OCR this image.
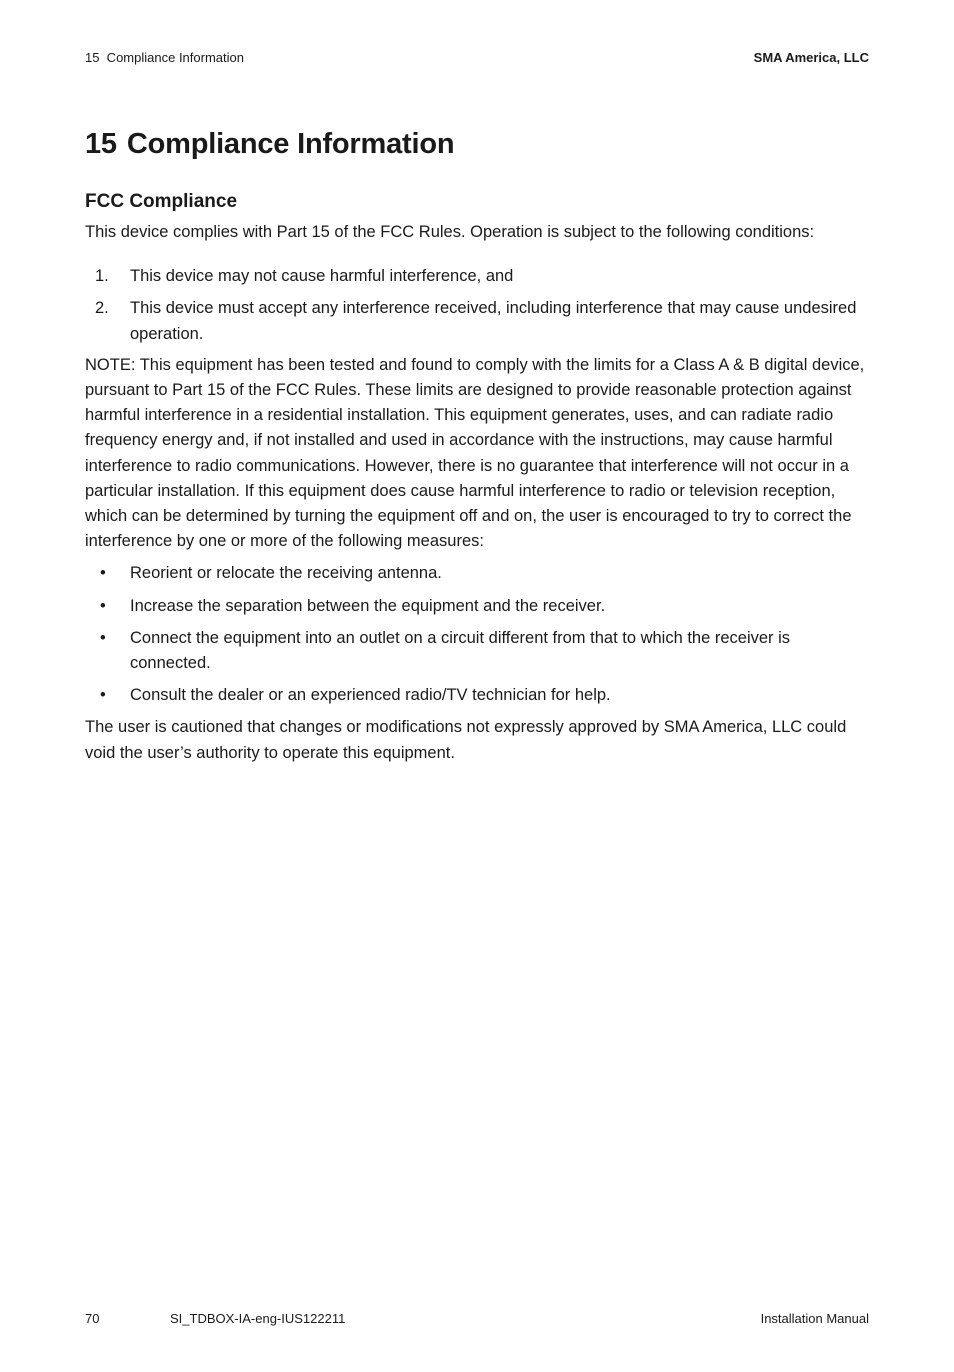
15  Compliance Information	SMA America, LLC
15 Compliance Information
FCC Compliance

This device complies with Part 15 of the FCC Rules. Operation is subject to the following conditions:

1. This device may not cause harmful interference, and
2. This device must accept any interference received, including interference that may cause undesired operation.

NOTE: This equipment has been tested and found to comply with the limits for a Class A & B digital device, pursuant to Part 15 of the FCC Rules. These limits are designed to provide reasonable protection against harmful interference in a residential installation. This equipment generates, uses, and can radiate radio frequency energy and, if not installed and used in accordance with the instructions, may cause harmful interference to radio communications. However, there is no guarantee that interference will not occur in a particular installation. If this equipment does cause harmful interference to radio or television reception, which can be determined by turning the equipment off and on, the user is encouraged to try to correct the interference by one or more of the following measures:

• Reorient or relocate the receiving antenna.
• Increase the separation between the equipment and the receiver.
• Connect the equipment into an outlet on a circuit different from that to which the receiver is connected.
• Consult the dealer or an experienced radio/TV technician for help.

The user is cautioned that changes or modifications not expressly approved by SMA America, LLC could void the user’s authority to operate this equipment.

70	SI_TDBOX-IA-eng-IUS122211	Installation Manual
